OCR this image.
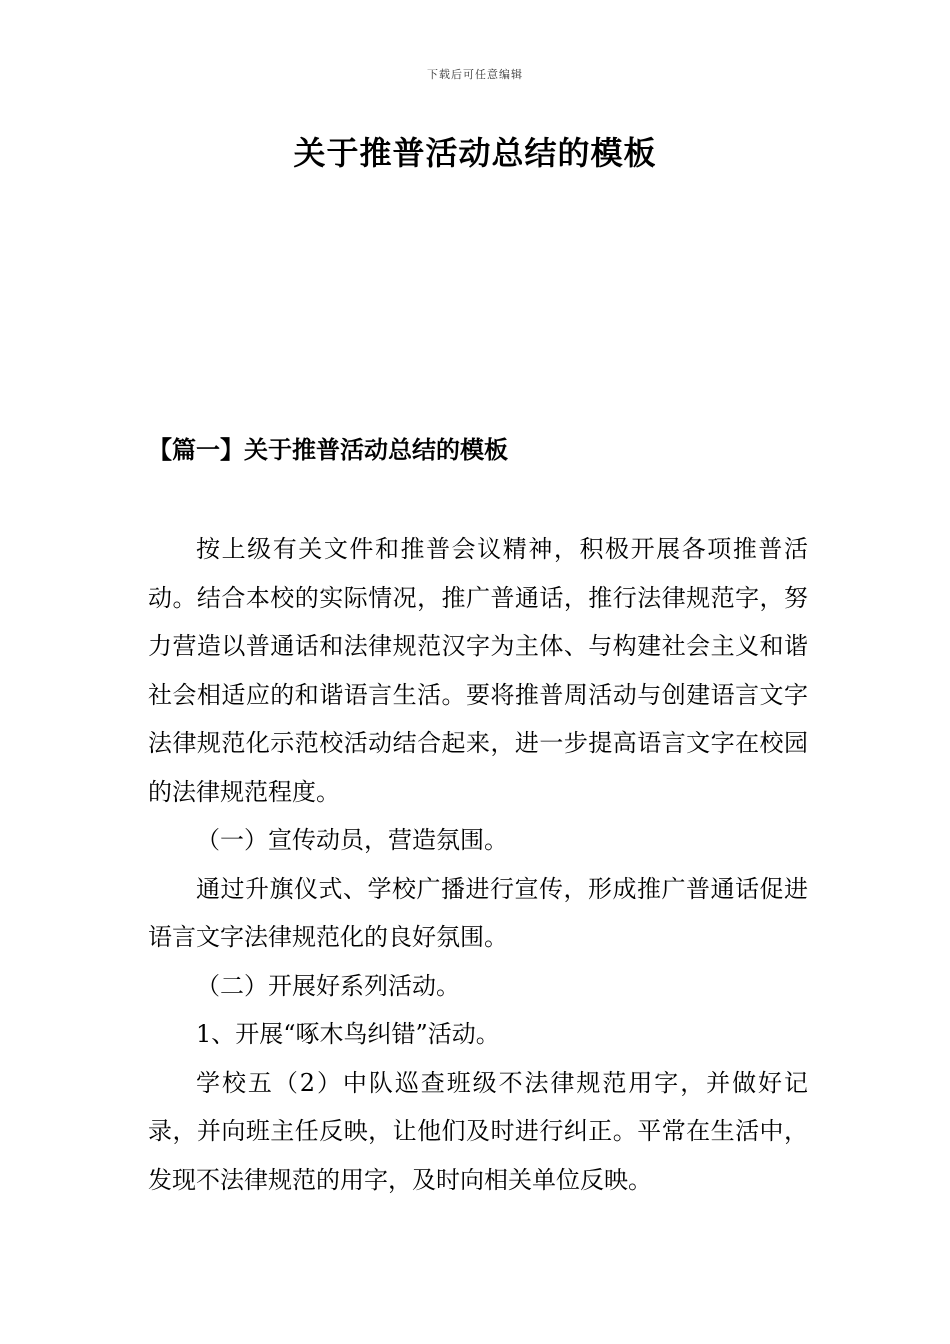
下载后可任意编辑
关于推普活动总结的模板
【篇一】关于推普活动总结的模板

按上级有关文件和推普会议精神，积极开展各项推普活动。结合本校的实际情况，推广普通话，推行法律规范字，努力营造以普通话和法律规范汉字为主体、与构建社会主义和谐社会相适应的和谐语言生活。要将推普周活动与创建语言文字法律规范化示范校活动结合起来，进一步提高语言文字在校园的法律规范程度。

（一）宣传动员，营造氛围。

通过升旗仪式、学校广播进行宣传，形成推广普通话促进语言文字法律规范化的良好氛围。

（二）开展好系列活动。

1、开展“啄木鸟纠错”活动。

学校五（2）中队巡查班级不法律规范用字，并做好记录，并向班主任反映，让他们及时进行纠正。平常在生活中，发现不法律规范的用字，及时向相关单位反映。
